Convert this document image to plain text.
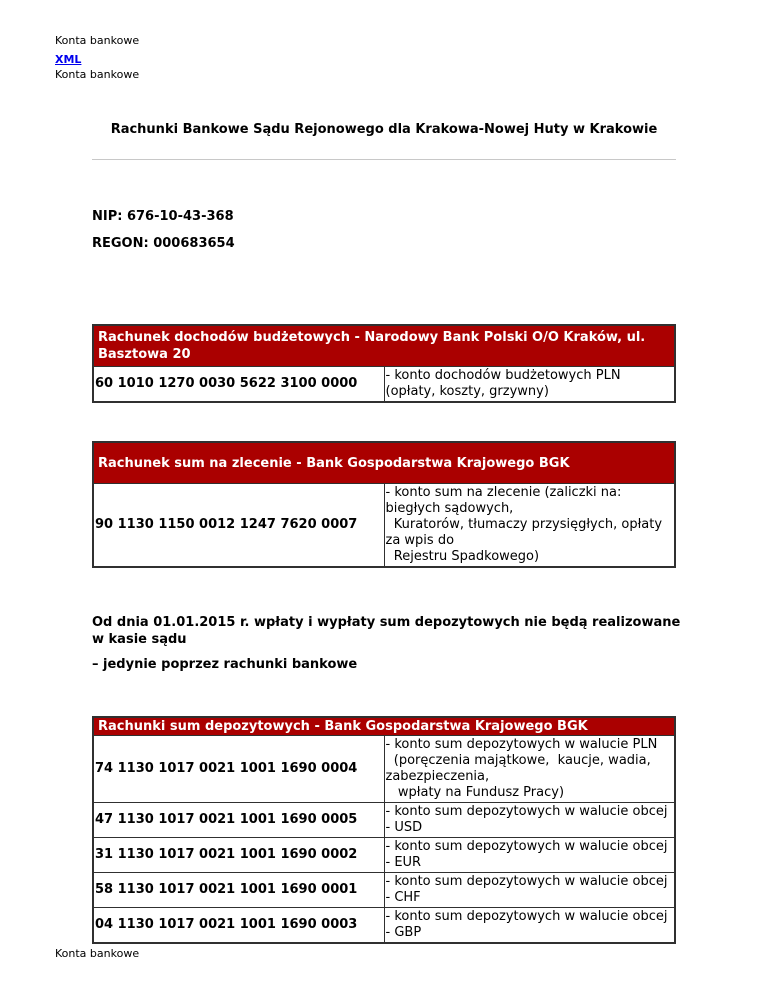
Konta bankowe
XML
Konta bankowe
Rachunki Bankowe Sądu Rejonowego dla Krakowa-Nowej Huty w Krakowie
NIP: 676-10-43-368
REGON: 000683654
Rachunek dochodów budżetowych - Narodowy Bank Polski O/O Kraków, ul. Basztowa 20
60 1010 1270 0030 5622 3100 0000	- konto dochodów budżetowych PLN (opłaty, koszty, grzywny)
Rachunek sum na zlecenie - Bank Gospodarstwa Krajowego BGK
90 1130 1150 0012 1247 7620 0007	- konto sum na zlecenie (zaliczki na: biegłych sądowych,
Kuratorów, tłumaczy przysięgłych, opłaty za wpis do
Rejestru Spadkowego)
Od dnia 01.01.2015 r. wpłaty i wypłaty sum depozytowych nie będą realizowane w kasie sądu
– jedynie poprzez rachunki bankowe
Rachunki sum depozytowych - Bank Gospodarstwa Krajowego BGK	
74 1130 1017 0021 1001 1690 0004	- konto sum depozytowych w walucie PLN
(poręczenia majątkowe,  kaucje, wadia, zabezpieczenia,
wpłaty na Fundusz Pracy)
47 1130 1017 0021 1001 1690 0005	- konto sum depozytowych w walucie obcej - USD
31 1130 1017 0021 1001 1690 0002	- konto sum depozytowych w walucie obcej - EUR
58 1130 1017 0021 1001 1690 0001	- konto sum depozytowych w walucie obcej - CHF
04 1130 1017 0021 1001 1690 0003	- konto sum depozytowych w walucie obcej - GBP
Konta bankowe
